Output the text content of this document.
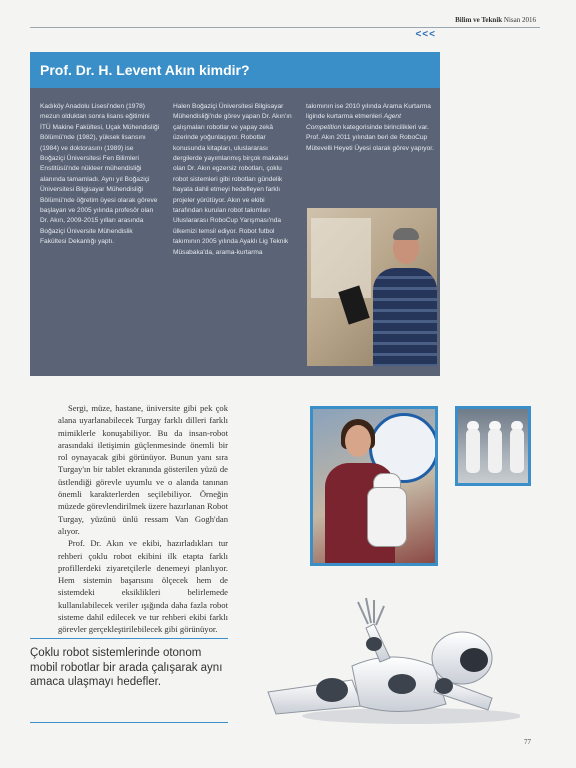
Bilim ve Teknik Nisan 2016
<<<
Prof. Dr. H. Levent Akın kimdir?
Kadıköy Anadolu Lisesi'nden (1978) mezun olduktan sonra lisans eğitimini İTÜ Makine Fakültesi, Uçak Mühendisliği Bölümü'nde (1982), yüksek lisansını (1984) ve doktorasını (1989) ise Boğaziçi Üniversitesi Fen Bilimleri Enstitüsü'nde nükleer mühendisliği alanında tamamladı. Aynı yıl Boğaziçi Üniversitesi Bilgisayar Mühendisliği Bölümü'nde öğretim üyesi olarak göreve başlayan ve 2005 yılında profesör olan Dr. Akın, 2009-2015 yılları arasında Boğaziçi Üniversite Mühendislik Fakültesi Dekanlığı yaptı.
Halen Boğaziçi Üniversitesi Bilgisayar Mühendisliği'nde görev yapan Dr. Akın'ın çalışmaları robotlar ve yapay zekâ üzerinde yoğunlaşıyor. Robotlar konusunda kitapları, uluslararası dergilerde yayımlanmış birçok makalesi olan Dr. Akın egzersiz robotları, çoklu robot sistemleri gibi robotları gündelik hayata dahil etmeyi hedefleyen farklı projeler yürütüyor. Akın ve ekibi tarafından kurulan robot takımları Uluslararası RoboCup Yarışması'nda ülkemizi temsil ediyor. Robot futbol takımının 2005 yılında Ayaklı Lig Teknik Müsabaka'da, arama-kurtarma
takımının ise 2010 yılında Arama Kurtarma liginde kurtarma etmenleri Agent Competition kategorisinde birincilikleri var. Prof. Akın 2011 yılından beri de RoboCup Mütevelli Heyeti Üyesi olarak görev yapıyor.

Sergi, müze, hastane, üniversite gibi pek çok alana uyarlanabilecek Turgay farklı dilleri farklı mimiklerle konuşabiliyor. Bu da insan-robot arasındaki iletişimin güçlenmesinde önemli bir rol oynayacak gibi görünüyor. Bunun yanı sıra Turgay'ın bir tablet ekranında gösterilen yüzü de üstlendiği görevle uyumlu ve o alanda tanınan önemli karakterlerden seçilebiliyor. Örneğin müzede görevlendirilmek üzere hazırlanan Robot Turgay, yüzünü ünlü ressam Van Gogh'dan alıyor.

Prof. Dr. Akın ve ekibi, hazırladıkları tur rehberi çoklu robot ekibini ilk etapta farklı profillerdeki ziyaretçilerle denemeyi planlıyor. Hem sistemin başarısını ölçecek hem de sistemdeki eksiklikleri belirlemede kullanılabilecek veriler ışığında daha fazla robot sisteme dahil edilecek ve tur rehberi ekibi farklı görevler gerçekleştirilebilecek gibi görünüyor.

Çoklu robot sistemlerinde otonom mobil robotlar bir arada çalışarak aynı amaca ulaşmayı hedefler.
77
